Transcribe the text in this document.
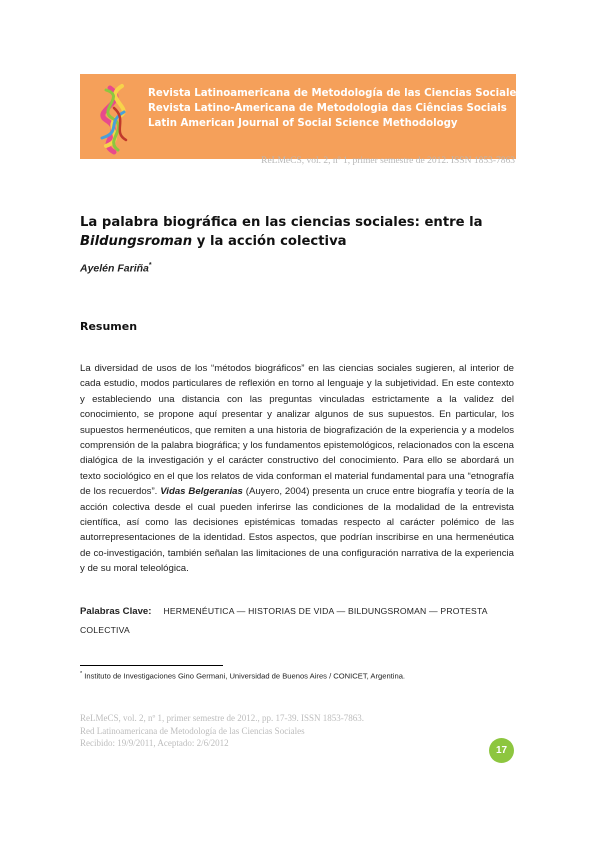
Revista Latinoamericana de Metodología de las Ciencias Sociales
Revista Latino-Americana de Metodologia das Ciências Sociais
Latin American Journal of Social Science Methodology
ReLMeCS, vol. 2, nº 1, primer semestre de 2012. ISSN 1853-7863
La palabra biográfica en las ciencias sociales: entre la
Bildungsroman y la acción colectiva
Ayelén Fariña*
Resumen
La diversidad de usos de los “métodos biográficos” en las ciencias sociales sugieren, al interior de cada estudio, modos particulares de reflexión en torno al lenguaje y la subjetividad. En este contexto y estableciendo una distancia con las preguntas vinculadas estrictamente a la validez del conocimiento, se propone aquí presentar y analizar algunos de sus supuestos. En particular, los supuestos hermenéuticos, que remiten a una historia de biografización de la experiencia y a modelos comprensión de la palabra biográfica; y los fundamentos epistemológicos, relacionados con la escena dialógica de la investigación y el carácter constructivo del conocimiento. Para ello se abordará un texto sociológico en el que los relatos de vida conforman el material fundamental para una “etnografía de los recuerdos”. Vidas Belgeranias (Auyero, 2004) presenta un cruce entre biografía y teoría de la acción colectiva desde el cual pueden inferirse las condiciones de la modalidad de la entrevista científica, así como las decisiones epistémicas tomadas respecto al carácter polémico de las autorrepresentaciones de la identidad. Estos aspectos, que podrían inscribirse en una hermenéutica de co-investigación, también señalan las limitaciones de una configuración narrativa de la experiencia y de su moral teleológica.
Palabras Clave: HERMENÉUTICA — HISTORIAS DE VIDA — BILDUNGSROMAN — PROTESTA COLECTIVA
* Instituto de Investigaciones Gino Germani, Universidad de Buenos Aires / CONICET, Argentina.
ReLMeCS, vol. 2, nº 1, primer semestre de 2012., pp. 17-39. ISSN 1853-7863.
Red Latinoamericana de Metodología de las Ciencias Sociales
Recibido: 19/9/2011, Aceptado: 2/6/2012
17
